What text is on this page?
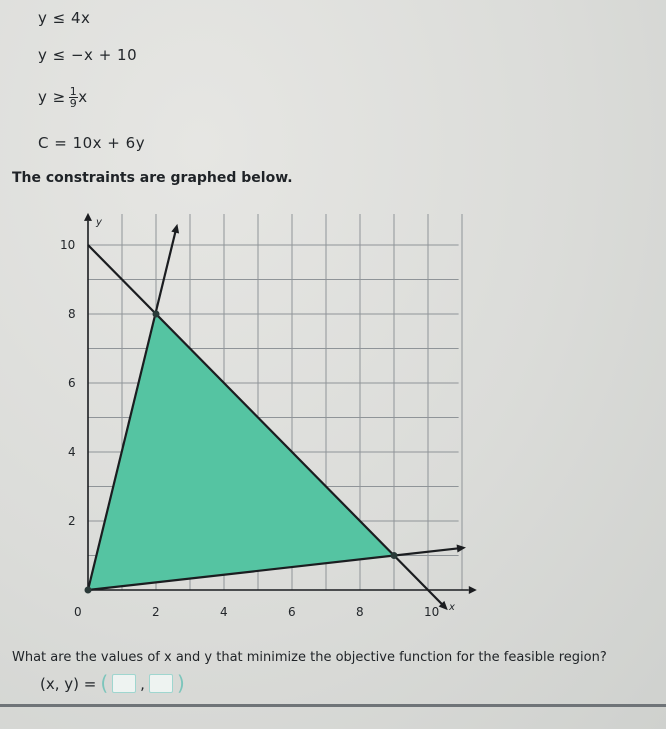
y ≤ 4x
y ≤ −x + 10
$y \ge \frac{1}{9}$ x
C = 10x + 6y
The constraints are graphed below.
0	2	4	6	8	10
2
4
6
8
10
x
y
What are the values of x and y that minimize the objective function for the feasible region?
(x, y) = ( , )
